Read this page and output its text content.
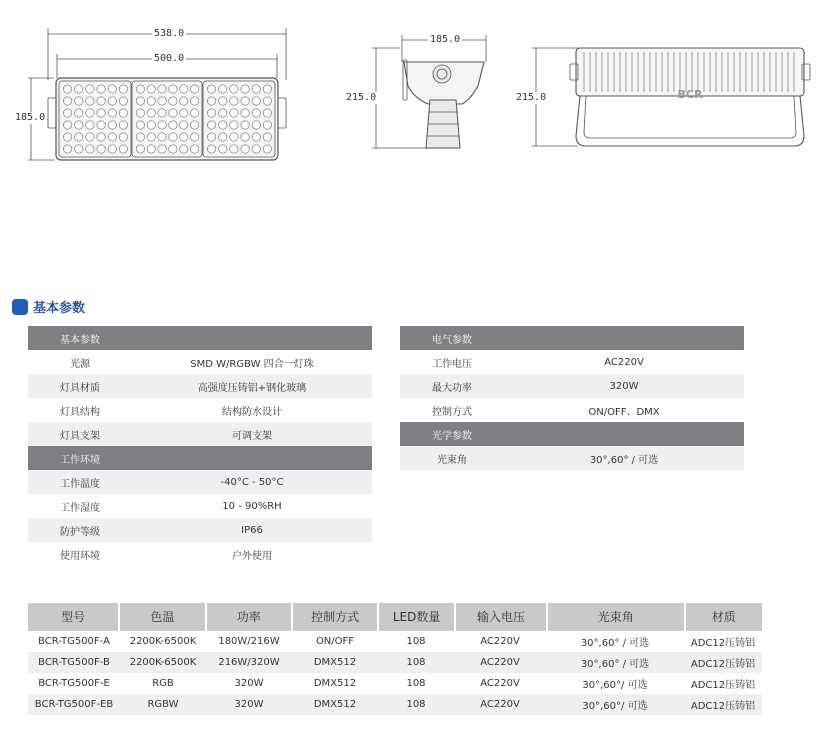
BCR
538.0
500.0
185.0
185.0
215.0	215.0
基本参数
基本参数
光源	SMD W/RGBW 四合一灯珠
灯具材质	高强度压铸铝+钢化玻璃
灯具结构	结构防水设计
灯具支架	可调支架
工作环境
工作温度	-40°C - 50°C
工作湿度	10 - 90%RH
防护等级	IP66
使用环境	户外使用
电气参数
工作电压	AC220V
最大功率	320W
控制方式	ON/OFF、DMX
光学参数
光束角	30°,60° / 可选
型号	色温	功率	控制方式	LED数量	输入电压	光束角	材质
BCR-TG500F-A	2200K-6500K	180W/216W	ON/OFF	108	AC220V	30°,60° / 可选	ADC12压铸铝
BCR-TG500F-B	2200K-6500K	216W/320W	DMX512	108	AC220V	30°,60° / 可选	ADC12压铸铝
BCR-TG500F-E	RGB	320W	DMX512	108	AC220V	30°,60°/ 可选	ADC12压铸铝
BCR-TG500F-EB	RGBW	320W	DMX512	108	AC220V	30°,60°/ 可选	ADC12压铸铝
